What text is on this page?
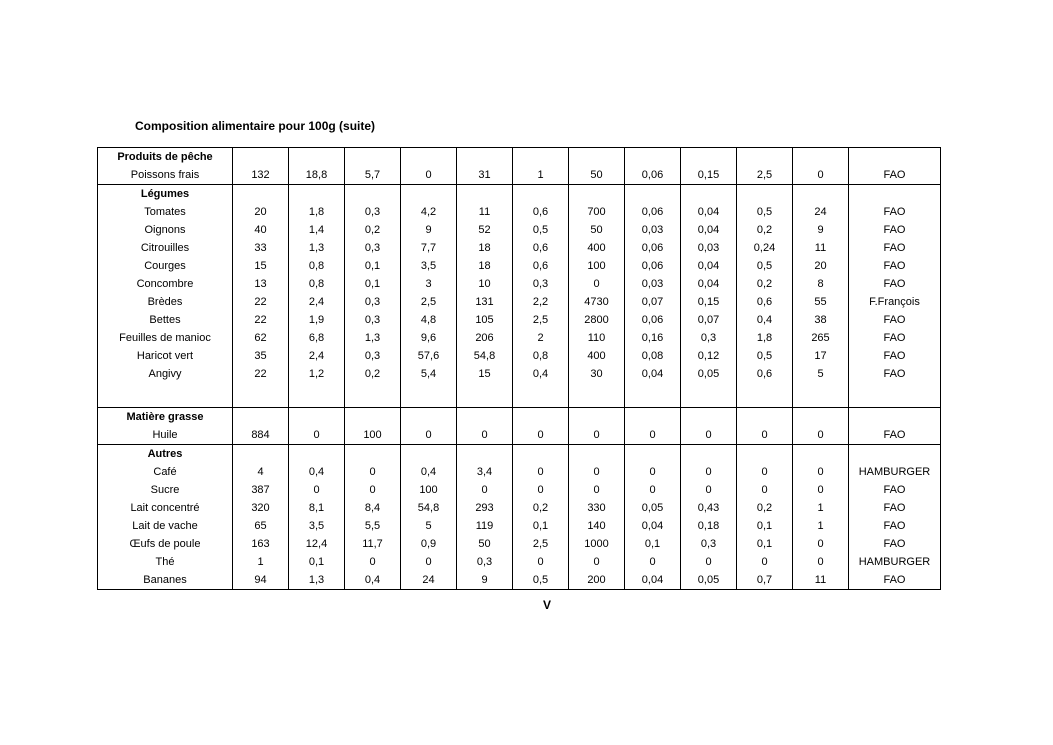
Composition alimentaire pour 100g (suite)
Produits de pêche												
Poissons frais	132	18,8	5,7	0	31	1	50	0,06	0,15	2,5	0	FAO
Légumes												
Tomates	20	1,8	0,3	4,2	11	0,6	700	0,06	0,04	0,5	24	FAO
Oignons	40	1,4	0,2	9	52	0,5	50	0,03	0,04	0,2	9	FAO
Citrouilles	33	1,3	0,3	7,7	18	0,6	400	0,06	0,03	0,24	11	FAO
Courges	15	0,8	0,1	3,5	18	0,6	100	0,06	0,04	0,5	20	FAO
Concombre	13	0,8	0,1	3	10	0,3	0	0,03	0,04	0,2	8	FAO
Brèdes	22	2,4	0,3	2,5	131	2,2	4730	0,07	0,15	0,6	55	F.François
Bettes	22	1,9	0,3	4,8	105	2,5	2800	0,06	0,07	0,4	38	FAO
Feuilles de manioc	62	6,8	1,3	9,6	206	2	110	0,16	0,3	1,8	265	FAO
Haricot vert	35	2,4	0,3	57,6	54,8	0,8	400	0,08	0,12	0,5	17	FAO
Angivy	22	1,2	0,2	5,4	15	0,4	30	0,04	0,05	0,6	5	FAO

Matière grasse												
Huile	884	0	100	0	0	0	0	0	0	0	0	FAO
Autres												
Café	4	0,4	0	0,4	3,4	0	0	0	0	0	0	HAMBURGER
Sucre	387	0	0	100	0	0	0	0	0	0	0	FAO
Lait concentré	320	8,1	8,4	54,8	293	0,2	330	0,05	0,43	0,2	1	FAO
Lait de vache	65	3,5	5,5	5	119	0,1	140	0,04	0,18	0,1	1	FAO
Œufs de poule	163	12,4	11,7	0,9	50	2,5	1000	0,1	0,3	0,1	0	FAO
Thé	1	0,1	0	0	0,3	0	0	0	0	0	0	HAMBURGER
Bananes	94	1,3	0,4	24	9	0,5	200	0,04	0,05	0,7	11	FAO
V
